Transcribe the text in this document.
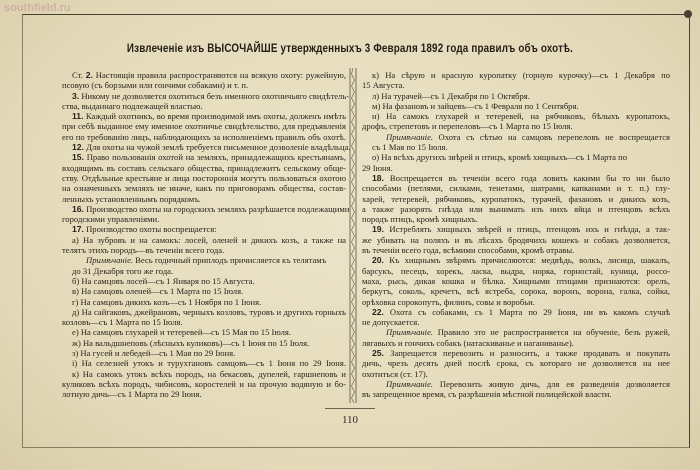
southfield.ru
Извлеченіе изъ ВЫСОЧАЙШЕ утвержденныхъ 3 Февраля 1892 года правилъ объ охотѣ.
Ст. 2. Настоящія правила распространяются на всякую охоту: ружейную,
псовую (съ борзыми или гончими собаками) и т. п.
3. Никому не дозволяется охотиться безъ именного охотничьяго свидѣтель-
ства, выданнаго подлежащей властью.
11. Каждый охотникъ, во время производимой имъ охоты, долженъ имѣть
при себѣ выданное ему именное охотничье свидѣтельство, для предъявленія
его по требованію лицъ, наблюдающихъ за исполненіемъ правилъ объ охотѣ.
12. Для охоты на чужой землѣ требуется письменное дозволеніе владѣльца.
15. Право пользованія охотой на земляхъ, принадлежащихъ крестьянамъ,
входящимъ въ составъ сельскаго общества, принадлежитъ сельскому обще-
ству. Отдѣльные крестьяне и лица постороннія могутъ пользоваться охотою
на означенныхъ земляхъ не иначе, какъ по приговорамъ общества, состав-
ленныхъ установленнымъ порядкомъ.
16. Производство охоты на городскихъ земляхъ разрѣшается подлежащими
городскими управленіями.
17. Производство охоты воспрещается:
а) На зубровъ и на самокъ: лосей, оленей и дикихъ козъ, а также на
телятъ этихъ породъ—въ теченіи всего года.
Примѣчаніе. Весь годичный приплодъ причисляется къ телятамъ
до 31 Декабря того же года.
б) На самцовъ лосей—съ 1 Января по 15 Августа.
в) На самцовъ оленей—съ 1 Марта по 15 Іюля.
г) На самцовъ дикихъ козъ—съ 1 Ноября по 1 Іюня.
д) На сайгаковъ, джейрановъ, черныхъ козловъ, туровъ и другихъ горныхъ
козловъ—съ 1 Марта по 15 Іюля.
е) На самцовъ глухарей и тетеревей—съ 15 Мая по 15 Іюля.
ж) На вальдшнеповъ (лѣсныхъ куликовъ)—съ 1 Іюня по 15 Іюля.
з) На гусей и лебедей—съ 1 Мая по 29 Іюня.
і) На селезней утокъ и турухтановъ самцовъ—съ 1 Іюня по 29 Іюня.
к) На самокъ утокъ всѣхъ породъ, на бекасовъ, дупелей, гаршнеповъ и
куликовъ всѣхъ породъ, чибисовъ, коростелей и на прочую водяную и бо-
лотную дичь—съ 1 Марта по 29 Іюня.
к) На сѣрую и красную куропатку (горную курочку)—съ 1 Декабря по
15 Августа.
л) На турачей—съ 1 Декабря по 1 Октября.
м) На фазановъ и зайцевъ—съ 1 Февраля по 1 Сентября.
н) На самокъ глухарей и тетеревей, на рябчиковъ, бѣлыхъ куропатокъ,
дрофъ, стрепетовъ и перепеловъ—съ 1 Марта по 15 Іюля.
Примѣчаніе. Охота съ сѣтью на самцовъ перепеловъ не воспрещается
съ 1 Мая по 15 Іюля.
о) На всѣхъ другихъ звѣрей и птицъ, кромѣ хищныхъ—съ 1 Марта по
29 Іюня.
18. Воспрещается въ теченіи всего года ловить какими бы то ни было
способами (петлями, силками, тенетами, шатрами, капканами и т. п.) глу-
харей, тетеревей, рябчиковъ, куропатокъ, турачей, фазановъ и дикихъ козъ,
а также разорять гнѣзда или вынимать изъ нихъ яйца и птенцовъ всѣхъ
породъ птицъ, кромѣ хищныхъ.
19. Истреблять хищныхъ звѣрей и птицъ, птенцовъ ихъ и гнѣзда, а так-
же убивать на поляхъ и въ лѣсахъ бродячихъ кошекъ и собакъ дозволяется,
въ теченіи всего года, всѣмими способами, кромѣ отравы.
20. Къ хищнымъ звѣрямъ причисляются: медвѣдь, волкъ, лисица, шакалъ,
барсукъ, песецъ, хорекъ, ласка, выдра, норка, горностай, куница, россо-
маха, рысь, дикая кошка и бѣлка. Хищными птицами признаются: орелъ,
беркутъ, соколь, кречетъ, всѣ ястреба, сорока, воронъ, ворона, галка, сойка,
орѣховка сорокопутъ, филинъ, совы и воробьи.
22. Охота съ собаками, съ 1 Марта по 29 Іюня, ни въ какомъ случаѣ
не допускается.
Примѣчаніе. Правило это не распространяется на обученіе, безъ ружей,
лягавыхъ и гончихъ собакъ (натаскиванье и наганиванье).
25. Запрещается перевозить и разносить, а также продавать и покупать
дичь, чрезъ десять дней послѣ срока, съ котораго не дозволяется на нее
охотиться (ст. 17).
Примѣчаніе. Перевозить живую дичь, для ея разведенія дозволяется
въ запрещенное время, съ разрѣшенія мѣстной полицейской власти.
110
